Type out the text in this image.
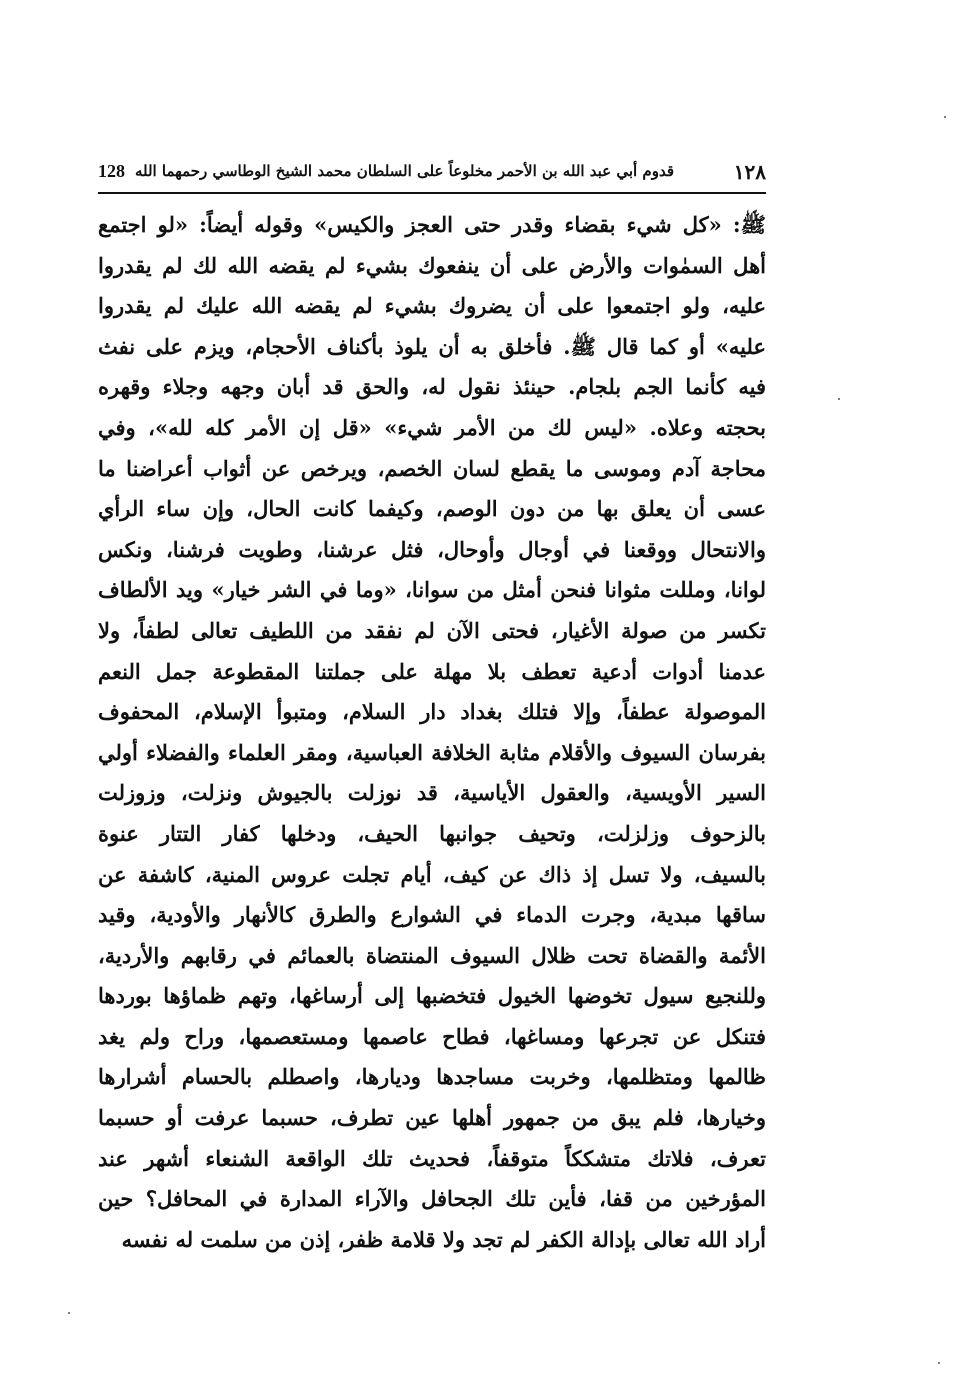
١٢٨
قدوم أبي عبد الله بن الأحمر مخلوعاً على السلطان محمد الشيخ الوطاسي رحمهما الله
128
ﷺ: «كل شيء بقضاء وقدر حتى العجز والكيس» وقوله أيضاً: «لو اجتمع
أهل السمٰوات والأرض على أن ينفعوك بشيء لم يقضه الله لك لم يقدروا
عليه، ولو اجتمعوا على أن يضروك بشيء لم يقضه الله عليك لم يقدروا
عليه» أو كما قال ﷺ. فأخلق به أن يلوذ بأكناف الأحجام، ويزم على نفث
فيه كأنما الجم بلجام. حينئذ نقول له، والحق قد أبان وجهه وجلاء وقهره
بحجته وعلاه. «ليس لك من الأمر شيء» «قل إن الأمر كله لله»، وفي
محاجة آدم وموسى ما يقطع لسان الخصم، ويرخص عن أثواب أعراضنا ما
عسى أن يعلق بها من دون الوصم، وكيفما كانت الحال، وإن ساء الرأي
والانتحال ووقعنا في أوجال وأوحال، فثل عرشنا، وطويت فرشنا، ونكس
لوانا، ومللت مثوانا فنحن أمثل من سوانا، «وما في الشر خيار» ويد الألطاف
تكسر من صولة الأغيار، فحتى الآن لم نفقد من اللطيف تعالى لطفاً، ولا
عدمنا أدوات أدعية تعطف بلا مهلة على جملتنا المقطوعة جمل النعم
الموصولة عطفاً، وإلا فتلك بغداد دار السلام، ومتبوأ الإسلام، المحفوف
بفرسان السيوف والأقلام مثابة الخلافة العباسية، ومقر العلماء والفضلاء أولي
السير الأويسية، والعقول الأياسية، قد نوزلت بالجيوش ونزلت، وزوزلت
بالزحوف وزلزلت، وتحيف جوانبها الحيف، ودخلها كفار التتار عنوة
بالسيف، ولا تسل إذ ذاك عن كيف، أيام تجلت عروس المنية، كاشفة عن
ساقها مبدية، وجرت الدماء في الشوارع والطرق كالأنهار والأودية، وقيد
الأئمة والقضاة تحت ظلال السيوف المنتضاة بالعمائم في رقابهم والأردية،
وللنجيع سيول تخوضها الخيول فتخضبها إلى أرساغها، وتهم ظماؤها بوردها
فتنكل عن تجرعها ومساغها، فطاح عاصمها ومستعصمها، وراح ولم يغد
ظالمها ومتظلمها، وخربت مساجدها وديارها، واصطلم بالحسام أشرارها
وخيارها، فلم يبق من جمهور أهلها عين تطرف، حسبما عرفت أو حسبما
تعرف، فلاتك متشككاً متوقفاً، فحديث تلك الواقعة الشنعاء أشهر عند
المؤرخين من قفا، فأين تلك الجحافل والآراء المدارة في المحافل؟ حين
أراد الله تعالى بإدالة الكفر لم تجد ولا قلامة ظفر، إذن من سلمت له نفسه
